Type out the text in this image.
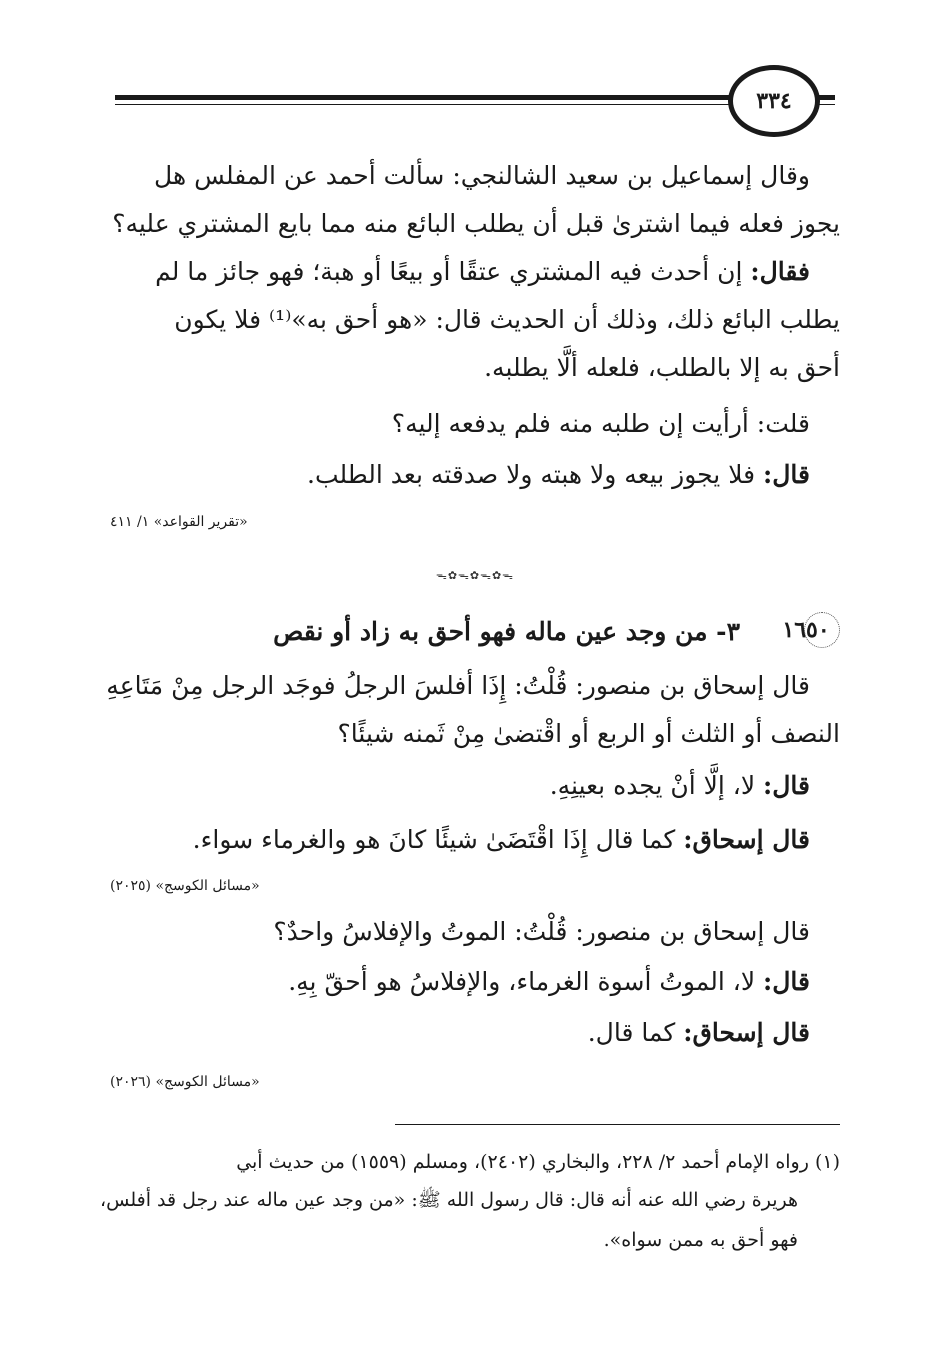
٣٣٤
وقال إسماعيل بن سعيد الشالنجي: سألت أحمد عن المفلس هل
يجوز فعله فيما اشترىٰ قبل أن يطلب البائع منه مما بايع المشتري عليه؟
فقال: إن أحدث فيه المشتري عتقًا أو بيعًا أو هبة؛ فهو جائز ما لم
يطلب البائع ذلك، وذلك أن الحديث قال: «هو أحق به»⁽¹⁾ فلا يكون
أحق به إلا بالطلب، فلعله ألَّا يطلبه.
قلت: أرأيت إن طلبه منه فلم يدفعه إليه؟
قال: فلا يجوز بيعه ولا هبته ولا صدقته بعد الطلب.
«تقرير القواعد» ١/ ٤١١
ᯓ✿ᯓ✿ᯓ✿ᯓ
١٦٥٠
٣- من وجد عين ماله فهو أحق به زاد أو نقص
قال إسحاق بن منصور: قُلْتُ: إِذَا أفلسَ الرجلُ فوجَد الرجل مِنْ مَتَاعِهِ
النصف أو الثلث أو الربع أو اقْتضىٰ مِنْ ثَمنه شيئًا؟
قال: لا، إلَّا أنْ يجده بعينِهِ.
قال إسحاق: كما قال إِذَا اقْتَضَىٰ شيئًا كانَ هو والغرماء سواء.
«مسائل الكوسج» (٢٠٢٥)
قال إسحاق بن منصور: قُلْتُ: الموتُ والإفلاسُ واحدٌ؟
قال: لا، الموتُ أسوة الغرماء، والإفلاسُ هو أحقّ بِهِ.
قال إسحاق: كما قال.
«مسائل الكوسج» (٢٠٢٦)
(١) رواه الإمام أحمد ٢/ ٢٢٨، والبخاري (٢٤٠٢)، ومسلم (١٥٥٩) من حديث أبي
هريرة رضي الله عنه أنه قال: قال رسول الله ﷺ: «من وجد عين ماله عند رجل قد أفلس،
فهو أحق به ممن سواه».
